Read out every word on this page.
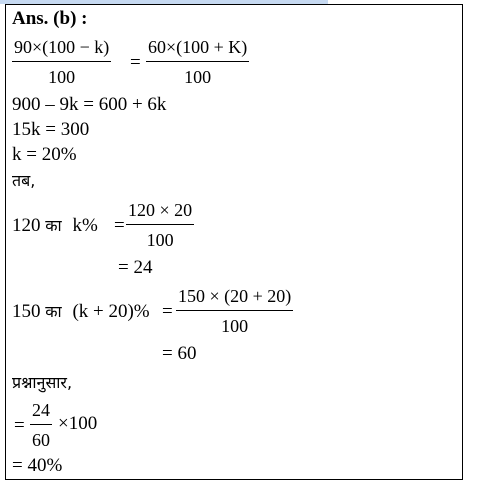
Ans. (b) :
90×(100 − k)
100
=
60×(100 + K)
100
900 – 9k = 600 + 6k
15k = 300
k = 20%
तब,
120 का k% =
120 × 20
100
= 24
150 का (k + 20)% =
150 × (20 + 20)
100
= 60
प्रश्नानुसार,
=
24
60
×100
= 40%
